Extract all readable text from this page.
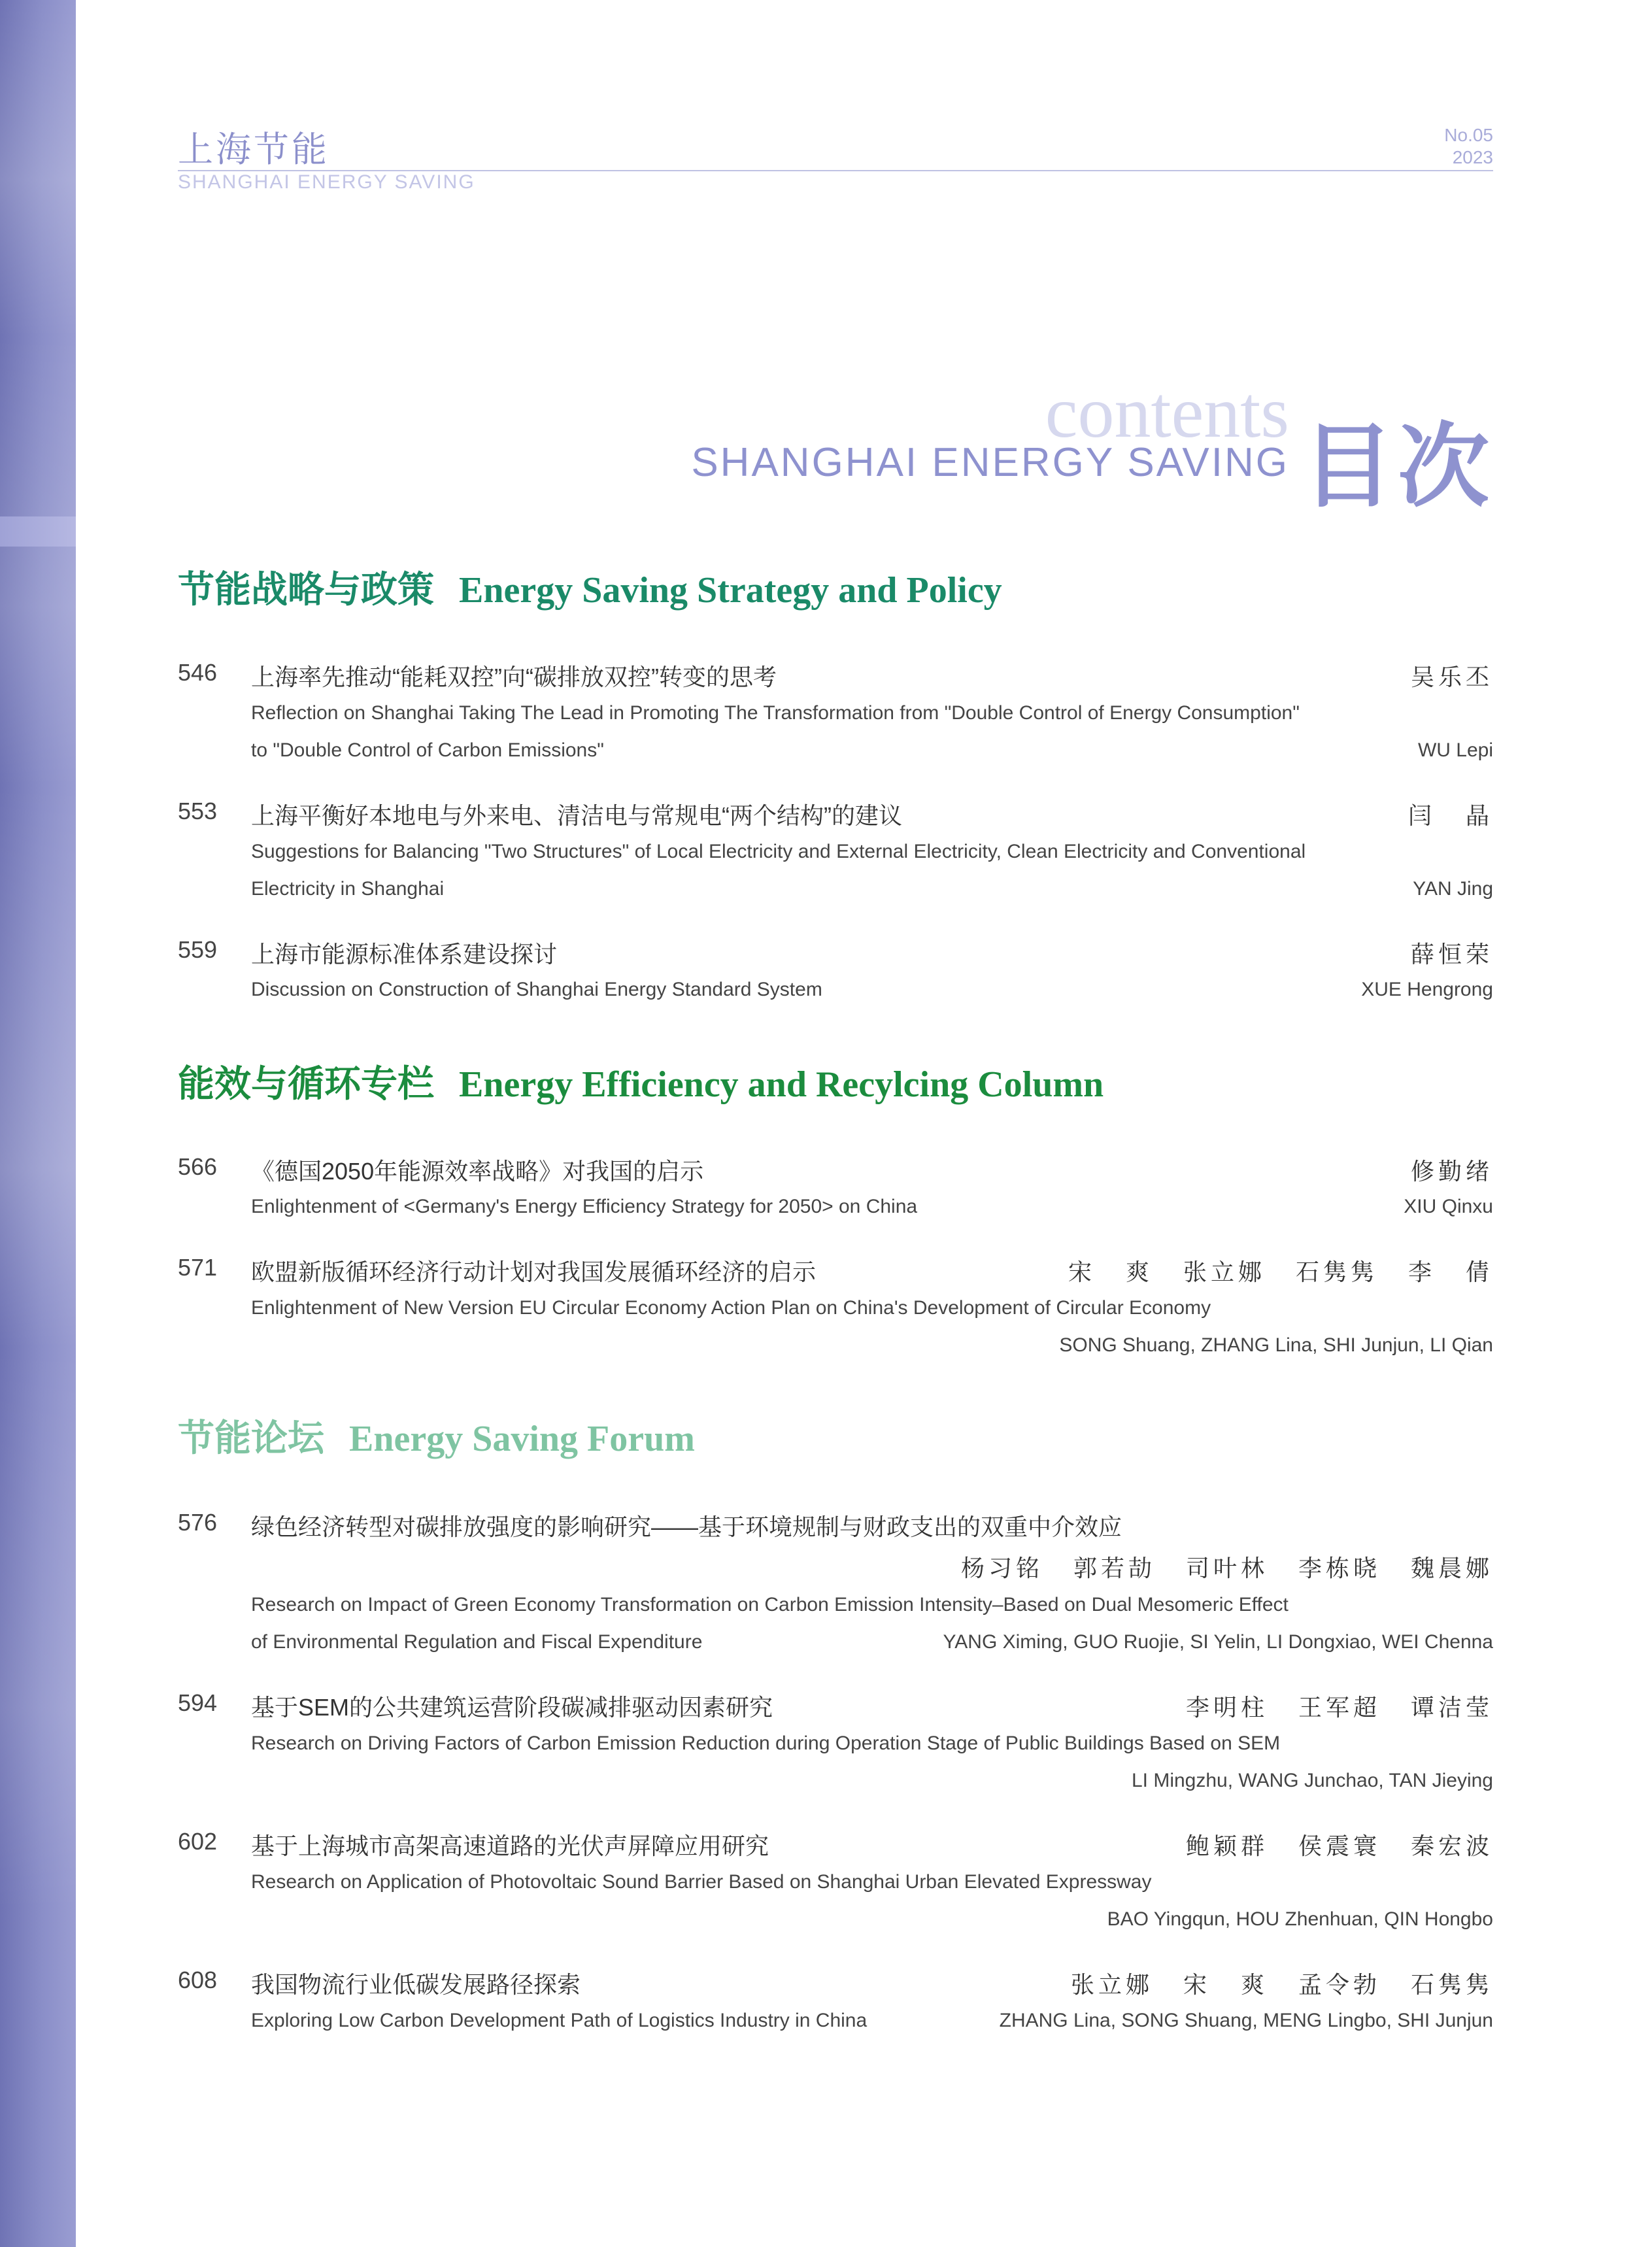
上海节能
SHANGHAI ENERGY SAVING
No.05
2023
contents
SHANGHAI ENERGY SAVING 目次
节能战略与政策 Energy Saving Strategy and Policy
546 上海率先推动“能耗双控”向“碳排放双控”转变的思考	吴乐丕
Reflection on Shanghai Taking The Lead in Promoting The Transformation from "Double Control of Energy Consumption"
to "Double Control of Carbon Emissions"	WU Lepi
553 上海平衡好本地电与外来电、清洁电与常规电“两个结构”的建议	闫 晶
Suggestions for Balancing "Two Structures" of Local Electricity and External Electricity, Clean Electricity and Conventional
Electricity in Shanghai	YAN Jing
559 上海市能源标准体系建设探讨	薛恒荣
Discussion on Construction of Shanghai Energy Standard System	XUE Hengrong
能效与循环专栏 Energy Efficiency and Recylcing Column
566 《德国2050年能源效率战略》对我国的启示	修勤绪
Enlightenment of <Germany's Energy Efficiency Strategy for 2050> on China	XIU Qinxu
571 欧盟新版循环经济行动计划对我国发展循环经济的启示	宋 爽 张立娜 石隽隽 李 倩
Enlightenment of New Version EU Circular Economy Action Plan on China's Development of Circular Economy
SONG Shuang, ZHANG Lina, SHI Junjun, LI Qian
节能论坛 Energy Saving Forum
576 绿色经济转型对碳排放强度的影响研究——基于环境规制与财政支出的双重中介效应
杨习铭 郭若劼 司叶林 李栋晓 魏晨娜
Research on Impact of Green Economy Transformation on Carbon Emission Intensity–Based on Dual Mesomeric Effect
of Environmental Regulation and Fiscal Expenditure	YANG Ximing, GUO Ruojie, SI Yelin, LI Dongxiao, WEI Chenna
594 基于SEM的公共建筑运营阶段碳减排驱动因素研究	李明柱 王军超 谭洁莹
Research on Driving Factors of Carbon Emission Reduction during Operation Stage of Public Buildings Based on SEM
LI Mingzhu, WANG Junchao, TAN Jieying
602 基于上海城市高架高速道路的光伏声屏障应用研究	鲍颖群 侯震寰 秦宏波
Research on Application of Photovoltaic Sound Barrier Based on Shanghai Urban Elevated Expressway
BAO Yingqun, HOU Zhenhuan, QIN Hongbo
608 我国物流行业低碳发展路径探索	张立娜 宋 爽 孟令勃 石隽隽
Exploring Low Carbon Development Path of Logistics Industry in China	ZHANG Lina, SONG Shuang, MENG Lingbo, SHI Junjun
